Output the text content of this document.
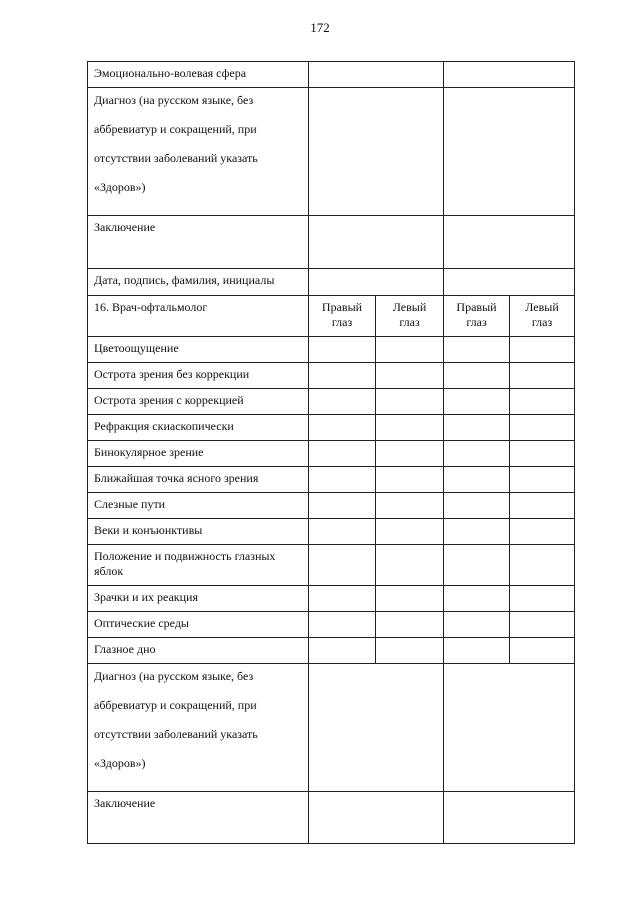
172
Эмоционально-волевая сфера		

Диагноз (на русском языке, без
аббревиатур и сокращений, при
отсутствии заболеваний указать
«Здоров»)		

Заключение		
Дата, подпись, фамилия, инициалы		
16. Врач-офтальмолог	Правый глаз	Левый глаз	Правый глаз	Левый глаз
Цветоощущение				
Острота зрения без коррекции				
Острота зрения с коррекцией				
Рефракция скиаскопически				
Бинокулярное зрение				
Ближайшая точка ясного зрения				
Слезные пути				
Веки и конъюнктивы				
Положение и подвижность глазных яблок				
Зрачки и их реакция				
Оптические среды				
Глазное дно				

Диагноз (на русском языке, без
аббревиатур и сокращений, при
отсутствии заболеваний указать
«Здоров»)				

Заключение				
